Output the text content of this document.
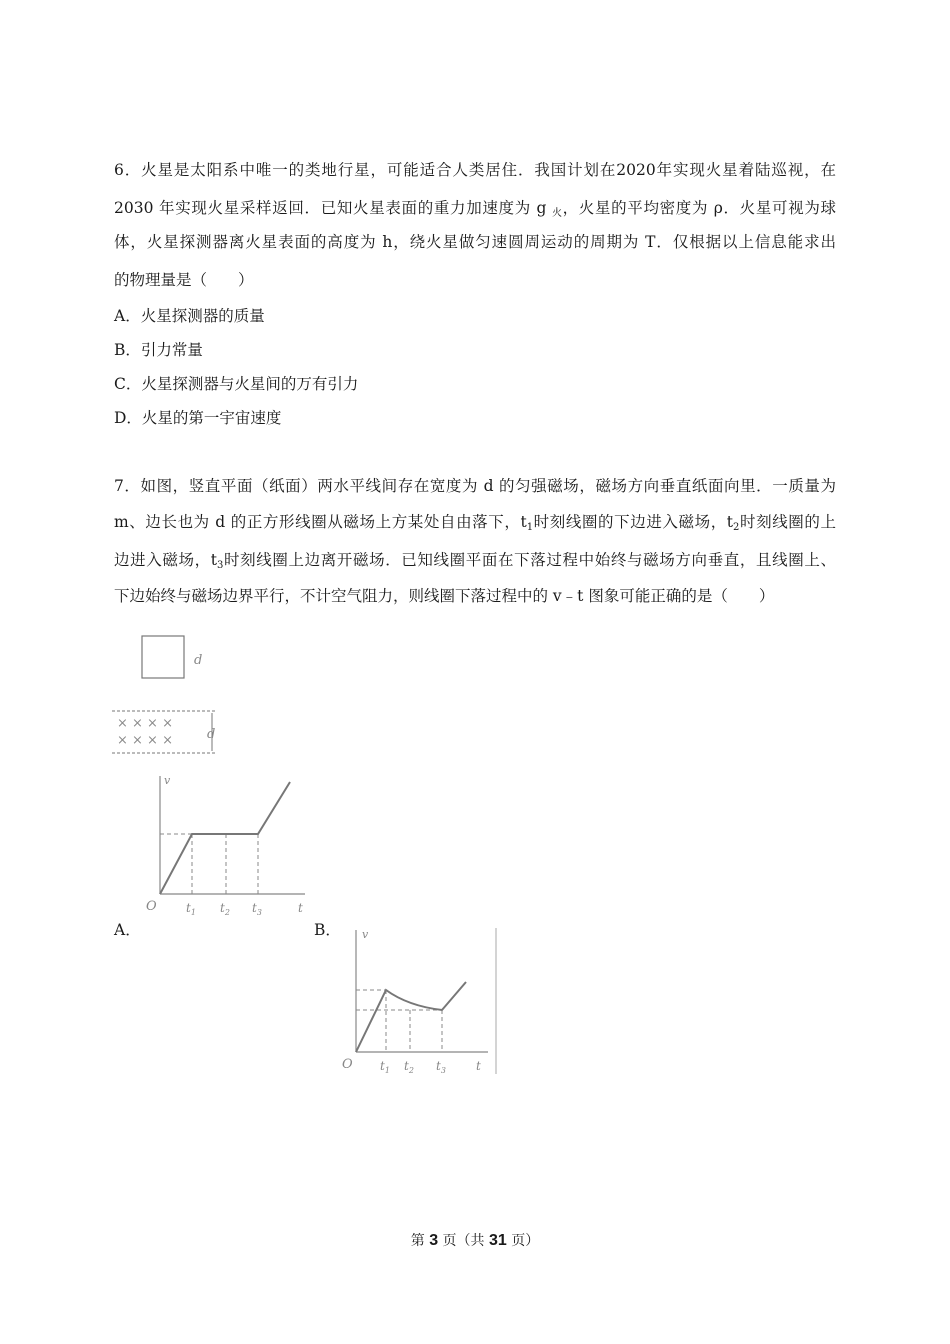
6．火星是太阳系中唯一的类地行星，可能适合人类居住．我国计划在2020年实现火星着陆巡视，在
2030 年实现火星采样返回．已知火星表面的重力加速度为 g $_火$，火星的平均密度为 ρ．火星可视为球
体，火星探测器离火星表面的高度为 h，绕火星做匀速圆周运动的周期为 T．仅根据以上信息能求出
的物理量是（　　）
A．火星探测器的质量
B．引力常量
C．火星探测器与火星间的万有引力
D．火星的第一宇宙速度
7．如图，竖直平面（纸面）两水平线间存在宽度为 d 的匀强磁场，磁场方向垂直纸面向里．一质量为
m、边长也为 d 的正方形线圈从磁场上方某处自由落下，$t_1$时刻线圈的下边进入磁场，$t_2$时刻线圈的上
边进入磁场，$t_3$时刻线圈上边离开磁场．已知线圈平面在下落过程中始终与磁场方向垂直，且线圈上、
下边始终与磁场边界平行，不计空气阻力，则线圈下落过程中的 v﹣t 图象可能正确的是（　　）
d
× × × ×
× × × ×	d
v
t
O $t_1$ $t_2$ $t_3$
A．	B． v
t
O $t_1$ $t_2$ $t_3$
第 3 页（共 31 页）
